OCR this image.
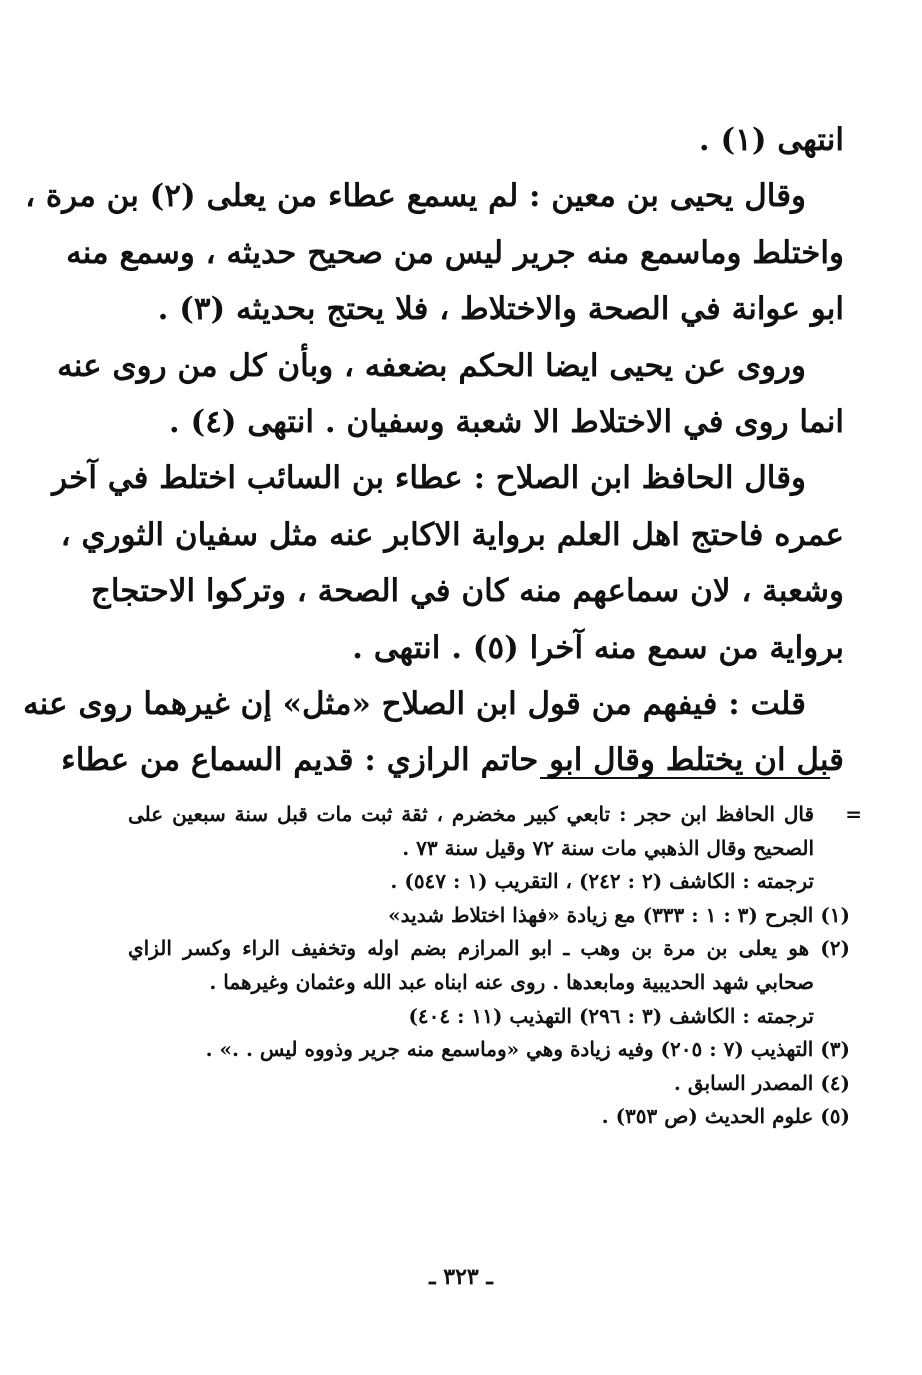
انتهى (١) .
وقال يحيى بن معين : لم يسمع عطاء من يعلى (٢) بن مرة ،
واختلط وماسمع منه جرير ليس من صحيح حديثه ، وسمع منه
ابو عوانة في الصحة والاختلاط ، فلا يحتج بحديثه (٣) .
وروى عن يحيى ايضا الحكم بضعفه ، وبأن كل من روى عنه
انما روى في الاختلاط الا شعبة وسفيان . انتهى (٤) .
وقال الحافظ ابن الصلاح : عطاء بن السائب اختلط في آخر
عمره فاحتج اهل العلم برواية الاكابر عنه مثل سفيان الثوري ،
وشعبة ، لان سماعهم منه كان في الصحة ، وتركوا الاحتجاج
برواية من سمع منه آخرا (٥) . انتهى .
قلت : فيفهم من قول ابن الصلاح «مثل» إن غيرهما روى عنه
قبل ان يختلط وقال ابو حاتم الرازي : قديم السماع من عطاء
=
قال الحافظ ابن حجر : تابعي كبير مخضرم ، ثقة ثبت مات قبل سنة سبعين على
الصحيح وقال الذهبي مات سنة ٧٢ وقيل سنة ٧٣ .
ترجمته : الكاشف (٢ : ٢٤٢) ، التقريب (١ : ٥٤٧) .
(١) الجرح (٣ : ١ : ٣٣٣) مع زيادة «فهذا اختلاط شديد»
(٢) هو يعلى بن مرة بن وهب ـ ابو المرازم بضم اوله وتخفيف الراء وكسر الزاي
صحابي شهد الحديبية ومابعدها . روى عنه ابناه عبد الله وعثمان وغيرهما .
ترجمته : الكاشف (٣ : ٢٩٦) التهذيب (١١ : ٤٠٤)
(٣) التهذيب (٧ : ٢٠٥) وفيه زيادة وهي «وماسمع منه جرير وذووه ليس . .» .
(٤) المصدر السابق .
(٥) علوم الحديث (ص ٣٥٣) .
ـ ٣٢٣ ـ
